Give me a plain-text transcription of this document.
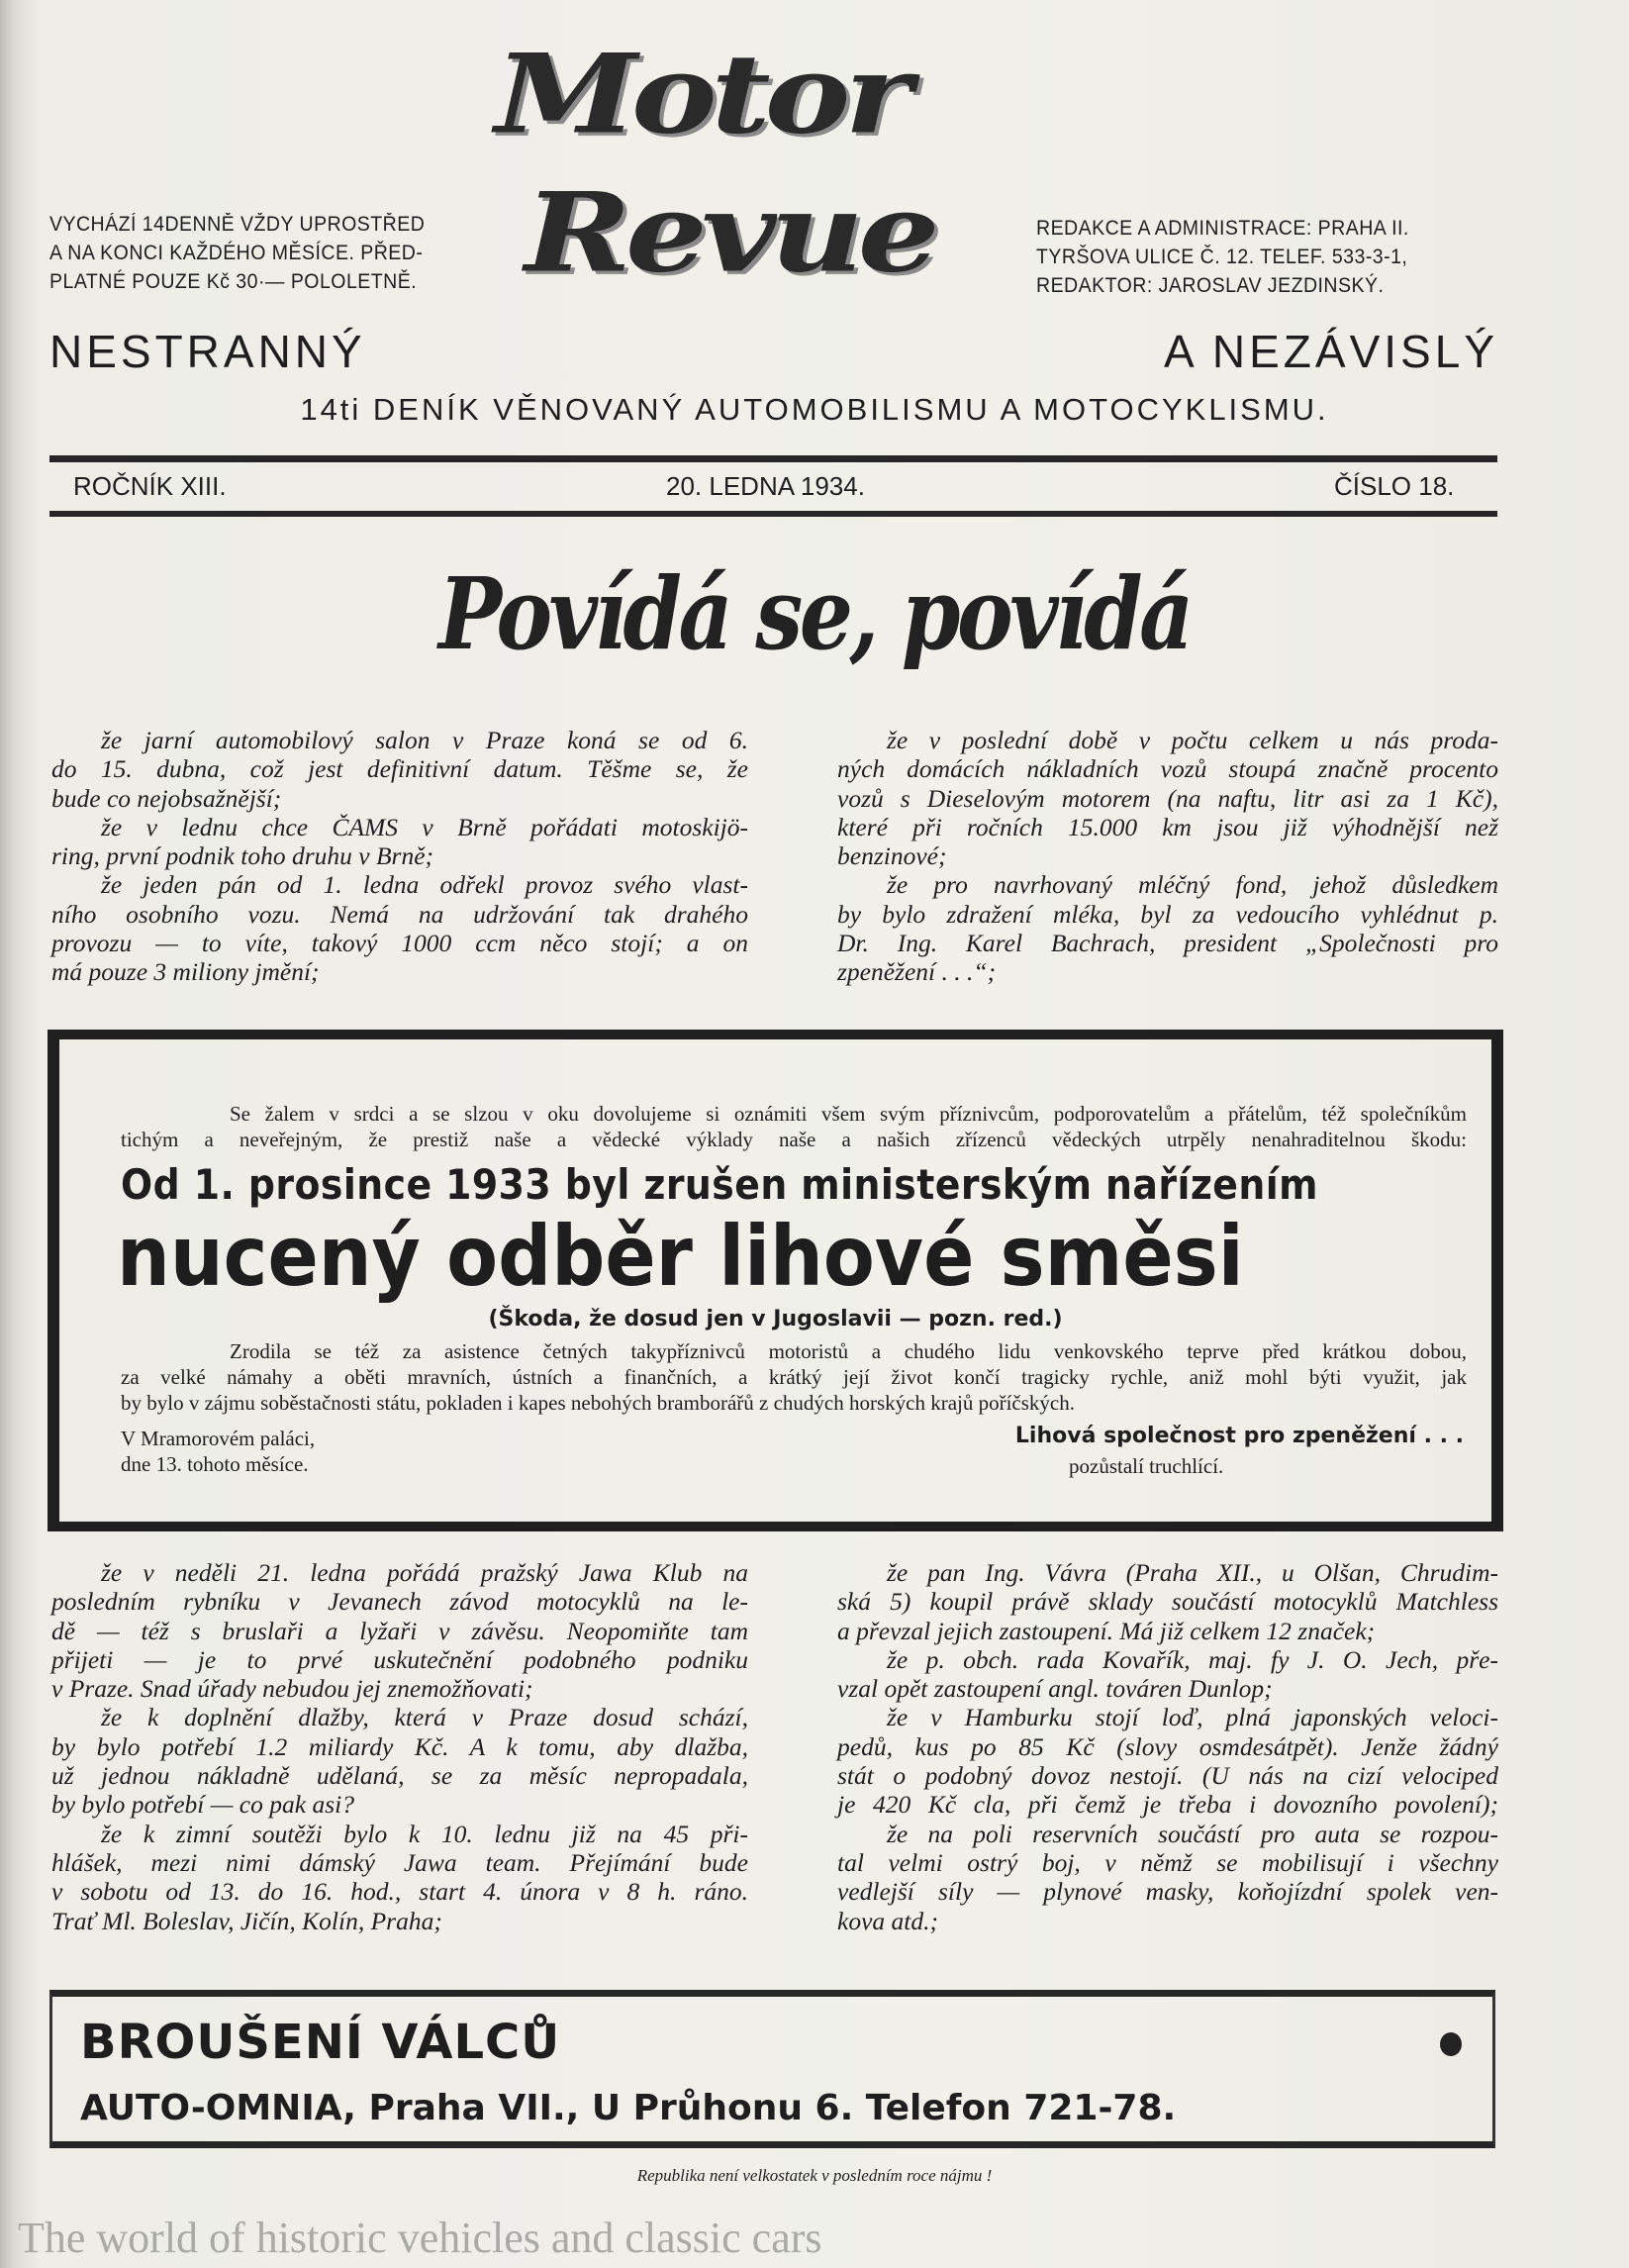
Motor
Revue
VYCHÁZÍ 14DENNĚ VŽDY UPROSTŘED
A NA KONCI KAŽDÉHO MĚSÍCE. PŘED-
PLATNÉ POUZE Kč 30·— POLOLETNĚ.
REDAKCE A ADMINISTRACE: PRAHA II.
TYRŠOVA ULICE Č. 12. TELEF. 533-3-1,
REDAKTOR: JAROSLAV JEZDINSKÝ.
NESTRANNÝ	A NEZÁVISLÝ
14ti DENÍK VĚNOVANÝ AUTOMOBILISMU A MOTOCYKLISMU.
ROČNÍK XIII.	20. LEDNA 1934.	ČÍSLO 18.
Povídá se, povídá
že jarní automobilový salon v Praze koná se od 6.
do 15. dubna, což jest definitivní datum. Těšme se, že
bude co nejobsažnější;
že v lednu chce ČAMS v Brně pořádati motoskijö-
ring, první podnik toho druhu v Brně;
že jeden pán od 1. ledna odřekl provoz svého vlast-
ního osobního vozu. Nemá na udržování tak drahého
provozu — to víte, takový 1000 ccm něco stojí; a on
má pouze 3 miliony jmění;
že v poslední době v počtu celkem u nás proda-
ných domácích nákladních vozů stoupá značně procento
vozů s Dieselovým motorem (na naftu, litr asi za 1 Kč),
které při ročních 15.000 km jsou již výhodnější než
benzinové;
že pro navrhovaný mléčný fond, jehož důsledkem
by bylo zdražení mléka, byl za vedoucího vyhlédnut p.
Dr. Ing. Karel Bachrach, president „Společnosti pro
zpeněžení . . .“;
Se žalem v srdci a se slzou v oku dovolujeme si oznámiti všem svým příznivcům, podporovatelům a přátelům, též společníkům
tichým a neveřejným, že prestiž naše a vědecké výklady naše a našich zřízenců vědeckých utrpěly nenahraditelnou škodu:
Od 1. prosince 1933 byl zrušen ministerským nařízením
nucený odběr lihové směsi
(Škoda, že dosud jen v Jugoslavii — pozn. red.)
Zrodila se též za asistence četných takypříznivců motoristů a chudého lidu venkovského teprve před krátkou dobou,
za velké námahy a oběti mravních, ústních a finančních, a krátký její život končí tragicky rychle, aniž mohl býti využit, jak
by bylo v zájmu soběstačnosti státu, pokladen i kapes nebohých bramborářů z chudých horských krajů poříčských.
V Mramorovém paláci,
dne 13. tohoto měsíce.
Lihová společnost pro zpeněžení . . .
pozůstalí truchlící.
že v neděli 21. ledna pořádá pražský Jawa Klub na
posledním rybníku v Jevanech závod motocyklů na le-
dě — též s bruslaři a lyžaři v závěsu. Neopomiňte tam
přijeti — je to prvé uskutečnění podobného podniku
v Praze. Snad úřady nebudou jej znemožňovati;
že k doplnění dlažby, která v Praze dosud schází,
by bylo potřebí 1.2 miliardy Kč. A k tomu, aby dlažba,
už jednou nákladně udělaná, se za měsíc nepropadala,
by bylo potřebí — co pak asi?
že k zimní soutěži bylo k 10. lednu již na 45 při-
hlášek, mezi nimi dámský Jawa team. Přejímání bude
v sobotu od 13. do 16. hod., start 4. února v 8 h. ráno.
Trať Ml. Boleslav, Jičín, Kolín, Praha;
že pan Ing. Vávra (Praha XII., u Olšan, Chrudim-
ská 5) koupil právě sklady součástí motocyklů Matchless
a převzal jejich zastoupení. Má již celkem 12 značek;
že p. obch. rada Kovařík, maj. fy J. O. Jech, pře-
vzal opět zastoupení angl. továren Dunlop;
že v Hamburku stojí loď, plná japonských veloci-
pedů, kus po 85 Kč (slovy osmdesátpět). Jenže žádný
stát o podobný dovoz nestojí. (U nás na cizí velociped
je 420 Kč cla, při čemž je třeba i dovozního povolení);
že na poli reservních součástí pro auta se rozpou-
tal velmi ostrý boj, v němž se mobilisují i všechny
vedlejší síly — plynové masky, koňojízdní spolek ven-
kova atd.;
BROUŠENÍ VÁLCŮ
AUTO-OMNIA, Praha VII., U Průhonu 6. Telefon 721-78.
Republika není velkostatek v posledním roce nájmu !
The world of historic vehicles and classic cars
